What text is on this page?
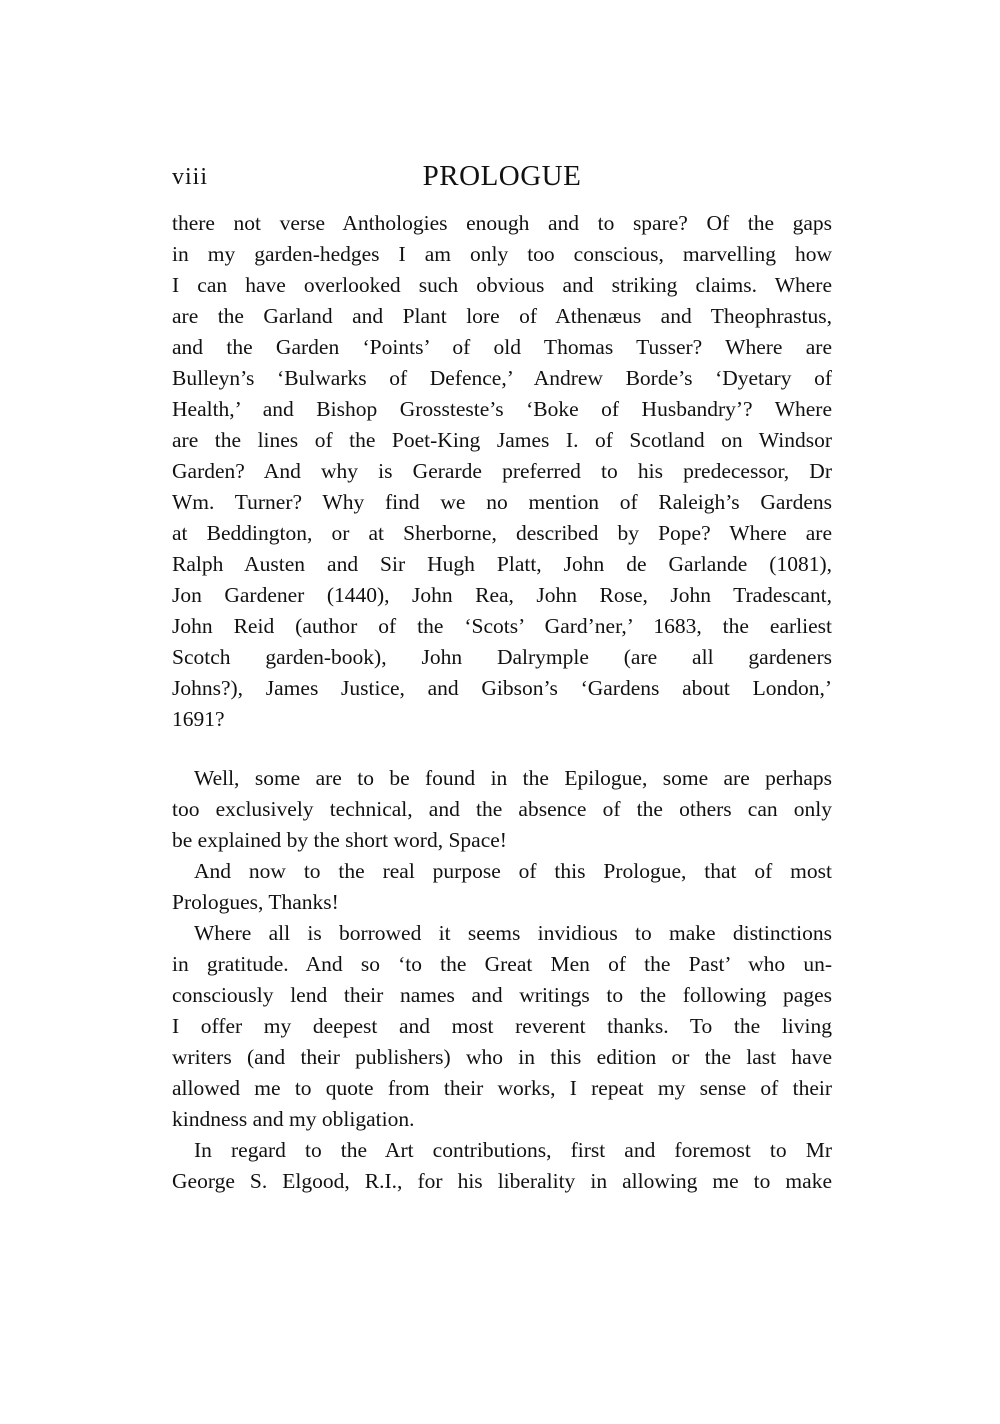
viii	PROLOGUE
there not verse Anthologies enough and to spare? Of the gaps
in my garden-hedges I am only too conscious, marvelling how
I can have overlooked such obvious and striking claims. Where
are the Garland and Plant lore of Athenæus and Theophrastus,
and the Garden ‘Points’ of old Thomas Tusser? Where are
Bulleyn’s ‘Bulwarks of Defence,’ Andrew Borde’s ‘Dyetary of
Health,’ and Bishop Grossteste’s ‘Boke of Husbandry’? Where
are the lines of the Poet-King James I. of Scotland on Windsor
Garden? And why is Gerarde preferred to his predecessor, Dr
Wm. Turner? Why find we no mention of Raleigh’s Gardens
at Beddington, or at Sherborne, described by Pope? Where are
Ralph Austen and Sir Hugh Platt, John de Garlande (1081),
Jon Gardener (1440), John Rea, John Rose, John Tradescant,
John Reid (author of the ‘Scots’ Gard’ner,’ 1683, the earliest
Scotch garden-book), John Dalrymple (are all gardeners
Johns?), James Justice, and Gibson’s ‘Gardens about London,’
1691?
Well, some are to be found in the Epilogue, some are perhaps
too exclusively technical, and the absence of the others can only
be explained by the short word, Space!
And now to the real purpose of this Prologue, that of most
Prologues, Thanks!
Where all is borrowed it seems invidious to make distinctions
in gratitude. And so ‘to the Great Men of the Past’ who un-
consciously lend their names and writings to the following pages
I offer my deepest and most reverent thanks. To the living
writers (and their publishers) who in this edition or the last have
allowed me to quote from their works, I repeat my sense of their
kindness and my obligation.
In regard to the Art contributions, first and foremost to Mr
George S. Elgood, R.I., for his liberality in allowing me to make
